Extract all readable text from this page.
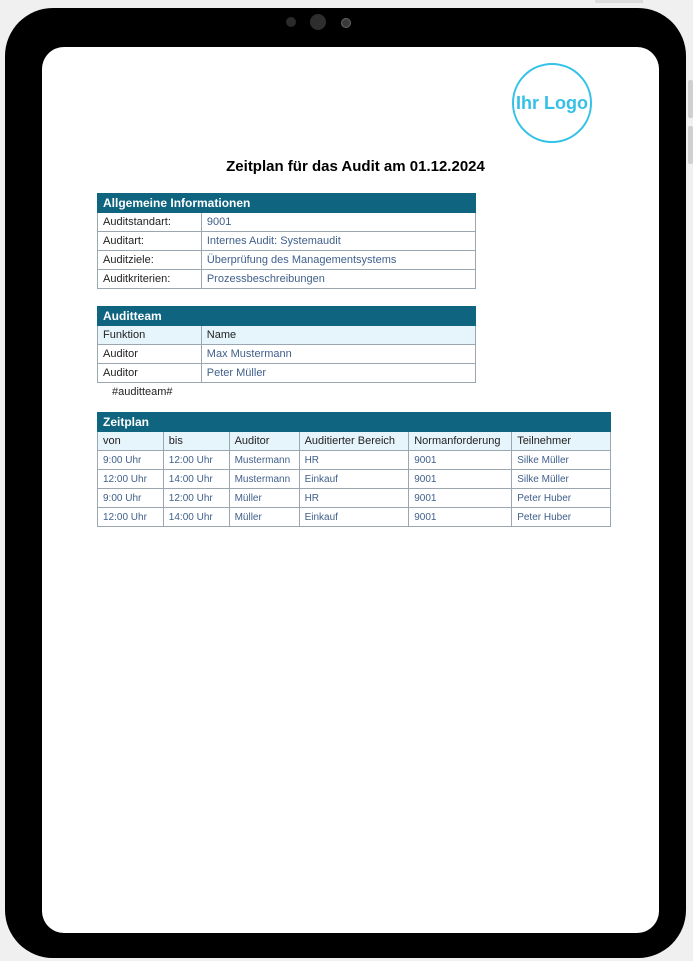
Ihr Logo
Zeitplan für das Audit am 01.12.2024
Allgemeine Informationen	
Auditstandart:	9001
Auditart:	Internes Audit: Systemaudit
Auditziele:	Überprüfung des Managementsystems
Auditkriterien:	Prozessbeschreibungen
Auditteam	
Funktion	Name
Auditor	Max Mustermann
Auditor	Peter Müller
#auditteam#
Zeitplan					
von	bis	Auditor	Auditierter Bereich	Normanforderung	Teilnehmer
9:00 Uhr	12:00 Uhr	Mustermann	HR	9001	Silke Müller
12:00 Uhr	14:00 Uhr	Mustermann	Einkauf	9001	Silke Müller
9:00 Uhr	12:00 Uhr	Müller	HR	9001	Peter Huber
12:00 Uhr	14:00 Uhr	Müller	Einkauf	9001	Peter Huber
